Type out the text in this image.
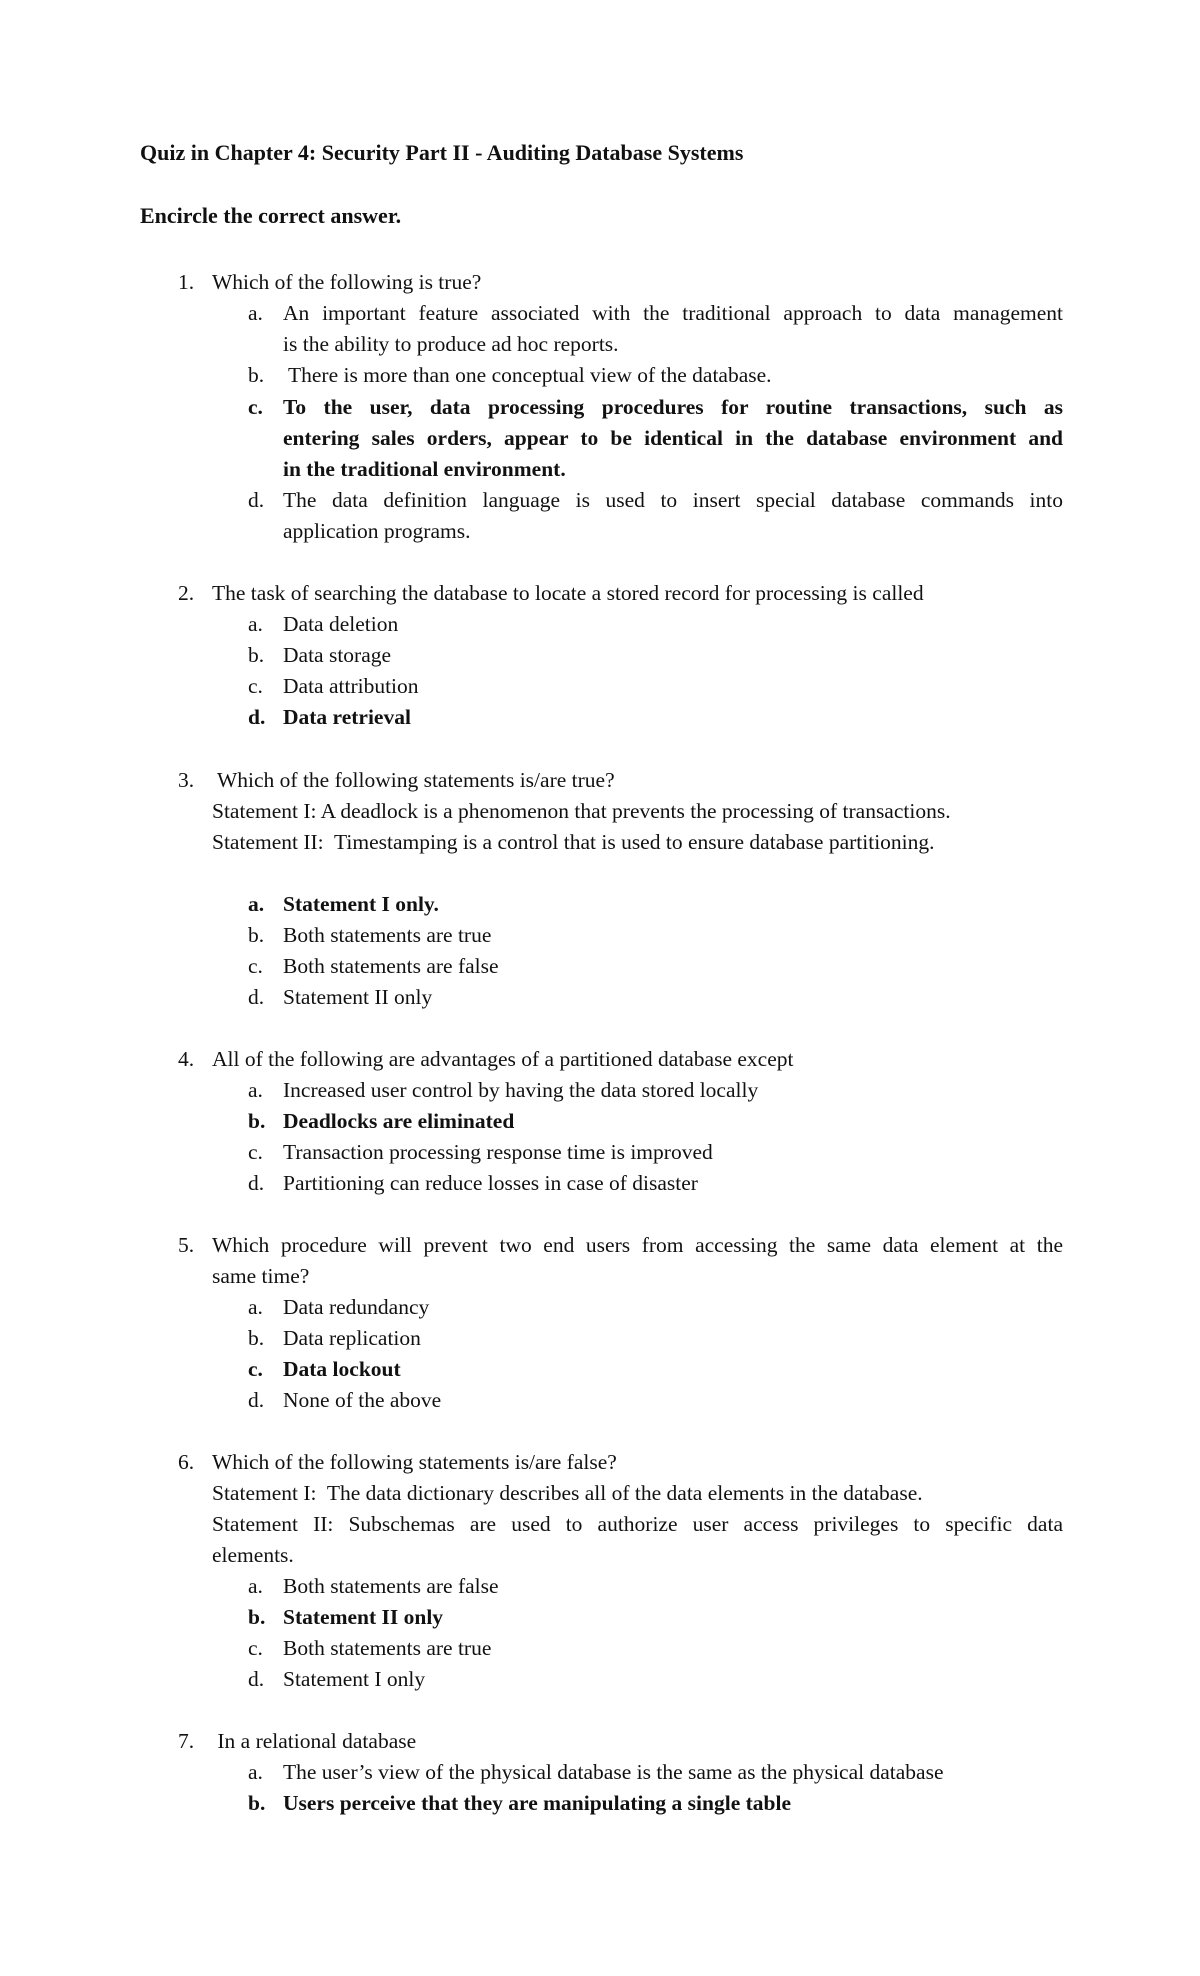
Quiz in Chapter 4: Security Part II - Auditing Database Systems
Encircle the correct answer.
1. Which of the following is true?
a. An important feature associated with the traditional approach to data management
is the ability to produce ad hoc reports.
b. There is more than one conceptual view of the database.
c. To the user, data processing procedures for routine transactions, such as
entering sales orders, appear to be identical in the database environment and
in the traditional environment.
d. The data definition language is used to insert special database commands into
application programs.
2. The task of searching the database to locate a stored record for processing is called
a. Data deletion
b. Data storage
c. Data attribution
d. Data retrieval
3. Which of the following statements is/are true?
Statement I: A deadlock is a phenomenon that prevents the processing of transactions.
Statement II:  Timestamping is a control that is used to ensure database partitioning.
a. Statement I only.
b. Both statements are true
c. Both statements are false
d. Statement II only
4. All of the following are advantages of a partitioned database except
a. Increased user control by having the data stored locally
b. Deadlocks are eliminated
c. Transaction processing response time is improved
d. Partitioning can reduce losses in case of disaster
5. Which procedure will prevent two end users from accessing the same data element at the
same time?
a. Data redundancy
b. Data replication
c. Data lockout
d. None of the above
6. Which of the following statements is/are false?
Statement I:  The data dictionary describes all of the data elements in the database.
Statement II: Subschemas are used to authorize user access privileges to specific data
elements.
a. Both statements are false
b. Statement II only
c. Both statements are true
d. Statement I only
7. In a relational database
a. The user’s view of the physical database is the same as the physical database
b. Users perceive that they are manipulating a single table
